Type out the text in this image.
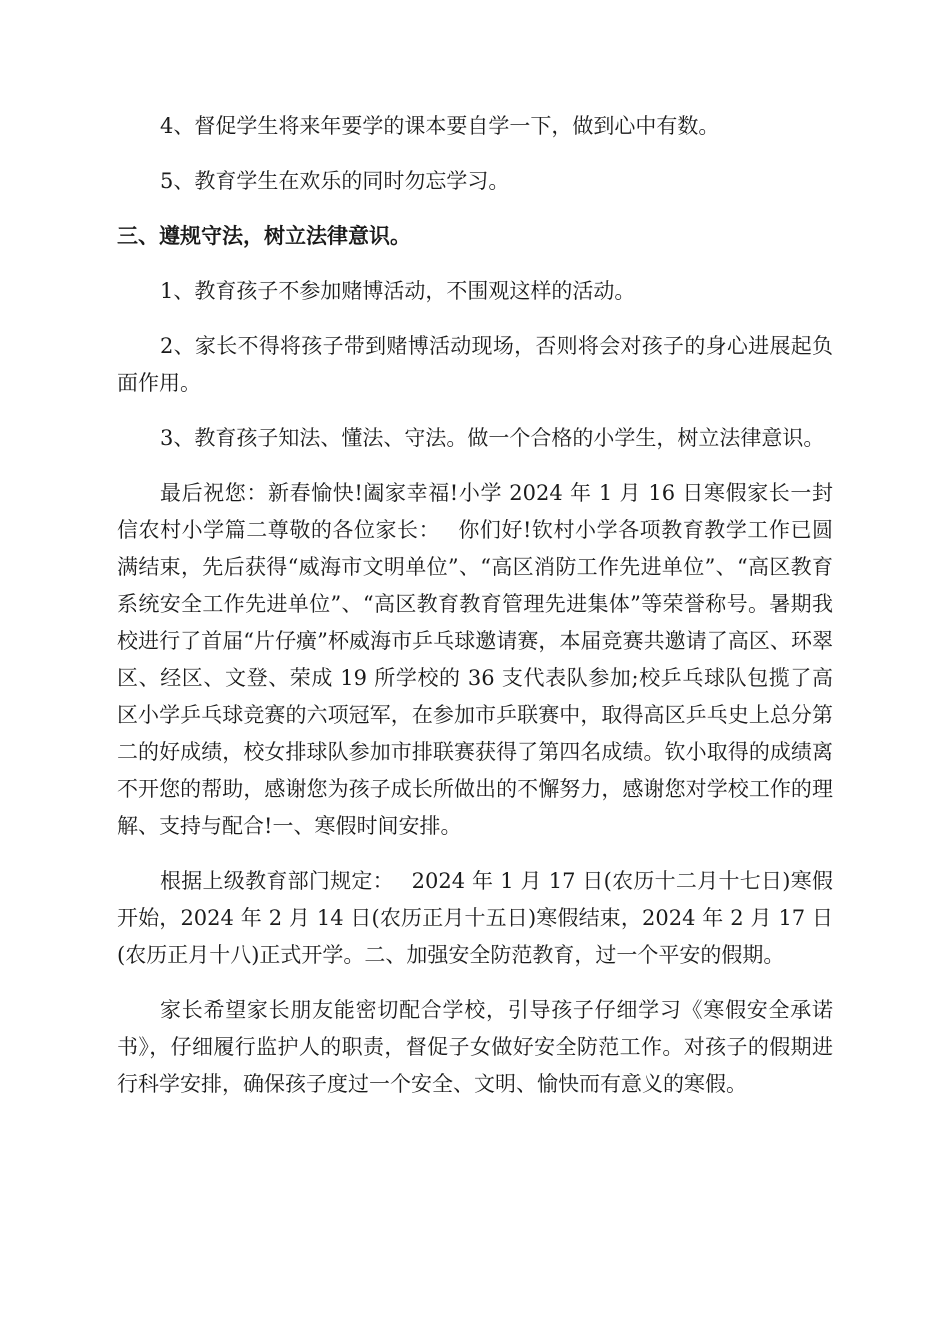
4、督促学生将来年要学的课本要自学一下，做到心中有数。

5、教育学生在欢乐的同时勿忘学习。

三、遵规守法，树立法律意识。

1、教育孩子不参加赌博活动，不围观这样的活动。

2、家长不得将孩子带到赌博活动现场，否则将会对孩子的身心进展起负面作用。

3、教育孩子知法、懂法、守法。做一个合格的小学生，树立法律意识。

最后祝您：新春愉快!阖家幸福!小学 2024 年 1 月 16 日寒假家长一封信农村小学篇二尊敬的各位家长：　 你们好!钦村小学各项教育教学工作已圆满结束，先后获得“威海市文明单位”、“高区消防工作先进单位”、“高区教育系统安全工作先进单位”、“高区教育教育管理先进集体”等荣誉称号。暑期我校进行了首届“片仔癀”杯威海市乒乓球邀请赛，本届竞赛共邀请了高区、环翠区、经区、文登、荣成 19 所学校的 36 支代表队参加;校乒乓球队包揽了高区小学乒乓球竞赛的六项冠军，在参加市乒联赛中，取得高区乒乓史上总分第二的好成绩，校女排球队参加市排联赛获得了第四名成绩。钦小取得的成绩离不开您的帮助，感谢您为孩子成长所做出的不懈努力，感谢您对学校工作的理解、支持与配合!一、寒假时间安排。

根据上级教育部门规定：　 2024 年 1 月 17 日(农历十二月十七日)寒假开始，2024 年 2 月 14 日(农历正月十五日)寒假结束，2024 年 2 月 17 日(农历正月十八)正式开学。二、加强安全防范教育，过一个平安的假期。

家长希望家长朋友能密切配合学校，引导孩子仔细学习《寒假安全承诺书》，仔细履行监护人的职责，督促子女做好安全防范工作。对孩子的假期进行科学安排，确保孩子度过一个安全、文明、愉快而有意义的寒假。
